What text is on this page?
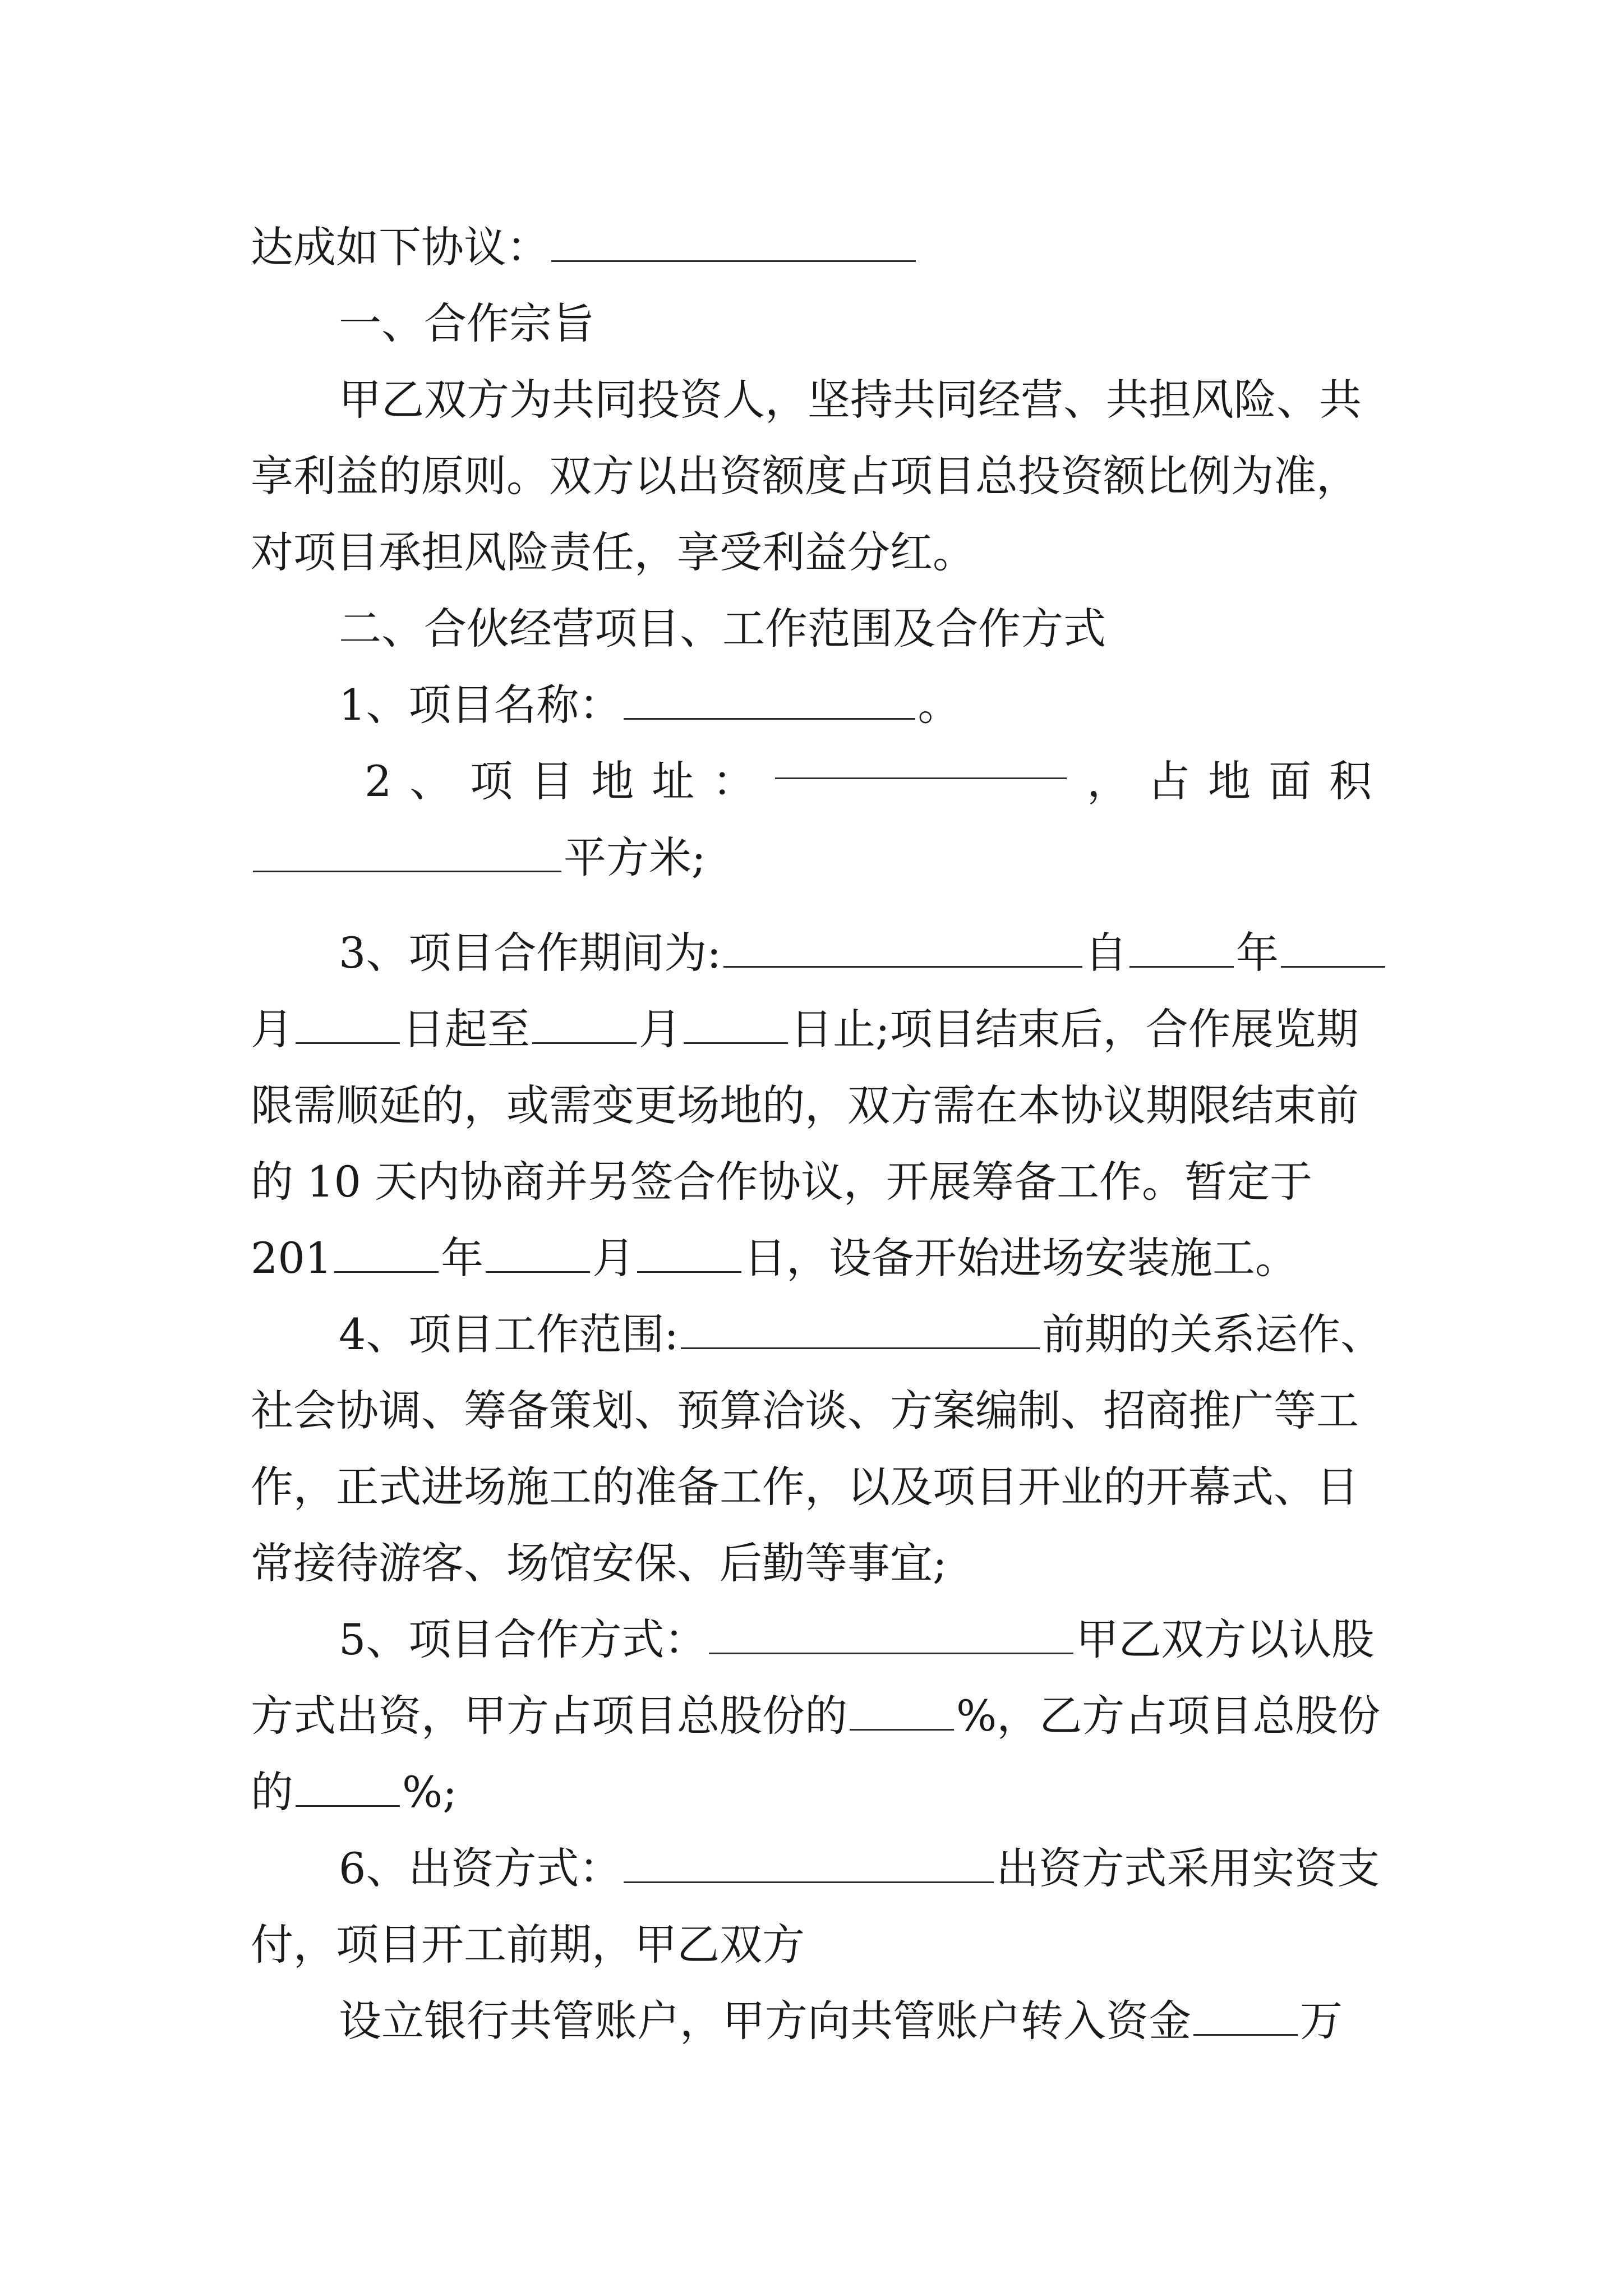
达成如下协议：
一、合作宗旨
甲乙双方为共同投资人，坚持共同经营、共担风险、共
享利益的原则。双方以出资额度占项目总投资额比例为准，
对项目承担风险责任，享受利益分红。
二、合伙经营项目、工作范围及合作方式
1、项目名称：	。
2 、 项 目 地 址 ：	， 占 地 面 积
平方米;
3、项目合作期间为:	自	年
月	日起至	月	日止;项目结束后，合作展览期
限需顺延的，或需变更场地的，双方需在本协议期限结束前
的 10 天内协商并另签合作协议，开展筹备工作。暂定于
201	年	月	日，设备开始进场安装施工。
4、项目工作范围:	前期的关系运作、
社会协调、筹备策划、预算洽谈、方案编制、招商推广等工
作，正式进场施工的准备工作，以及项目开业的开幕式、日
常接待游客、场馆安保、后勤等事宜;
5、项目合作方式：	甲乙双方以认股
方式出资，甲方占项目总股份的	%，乙方占项目总股份
的	%;
6、出资方式：	出资方式采用实资支
付，项目开工前期，甲乙双方
设立银行共管账户，甲方向共管账户转入资金	万
